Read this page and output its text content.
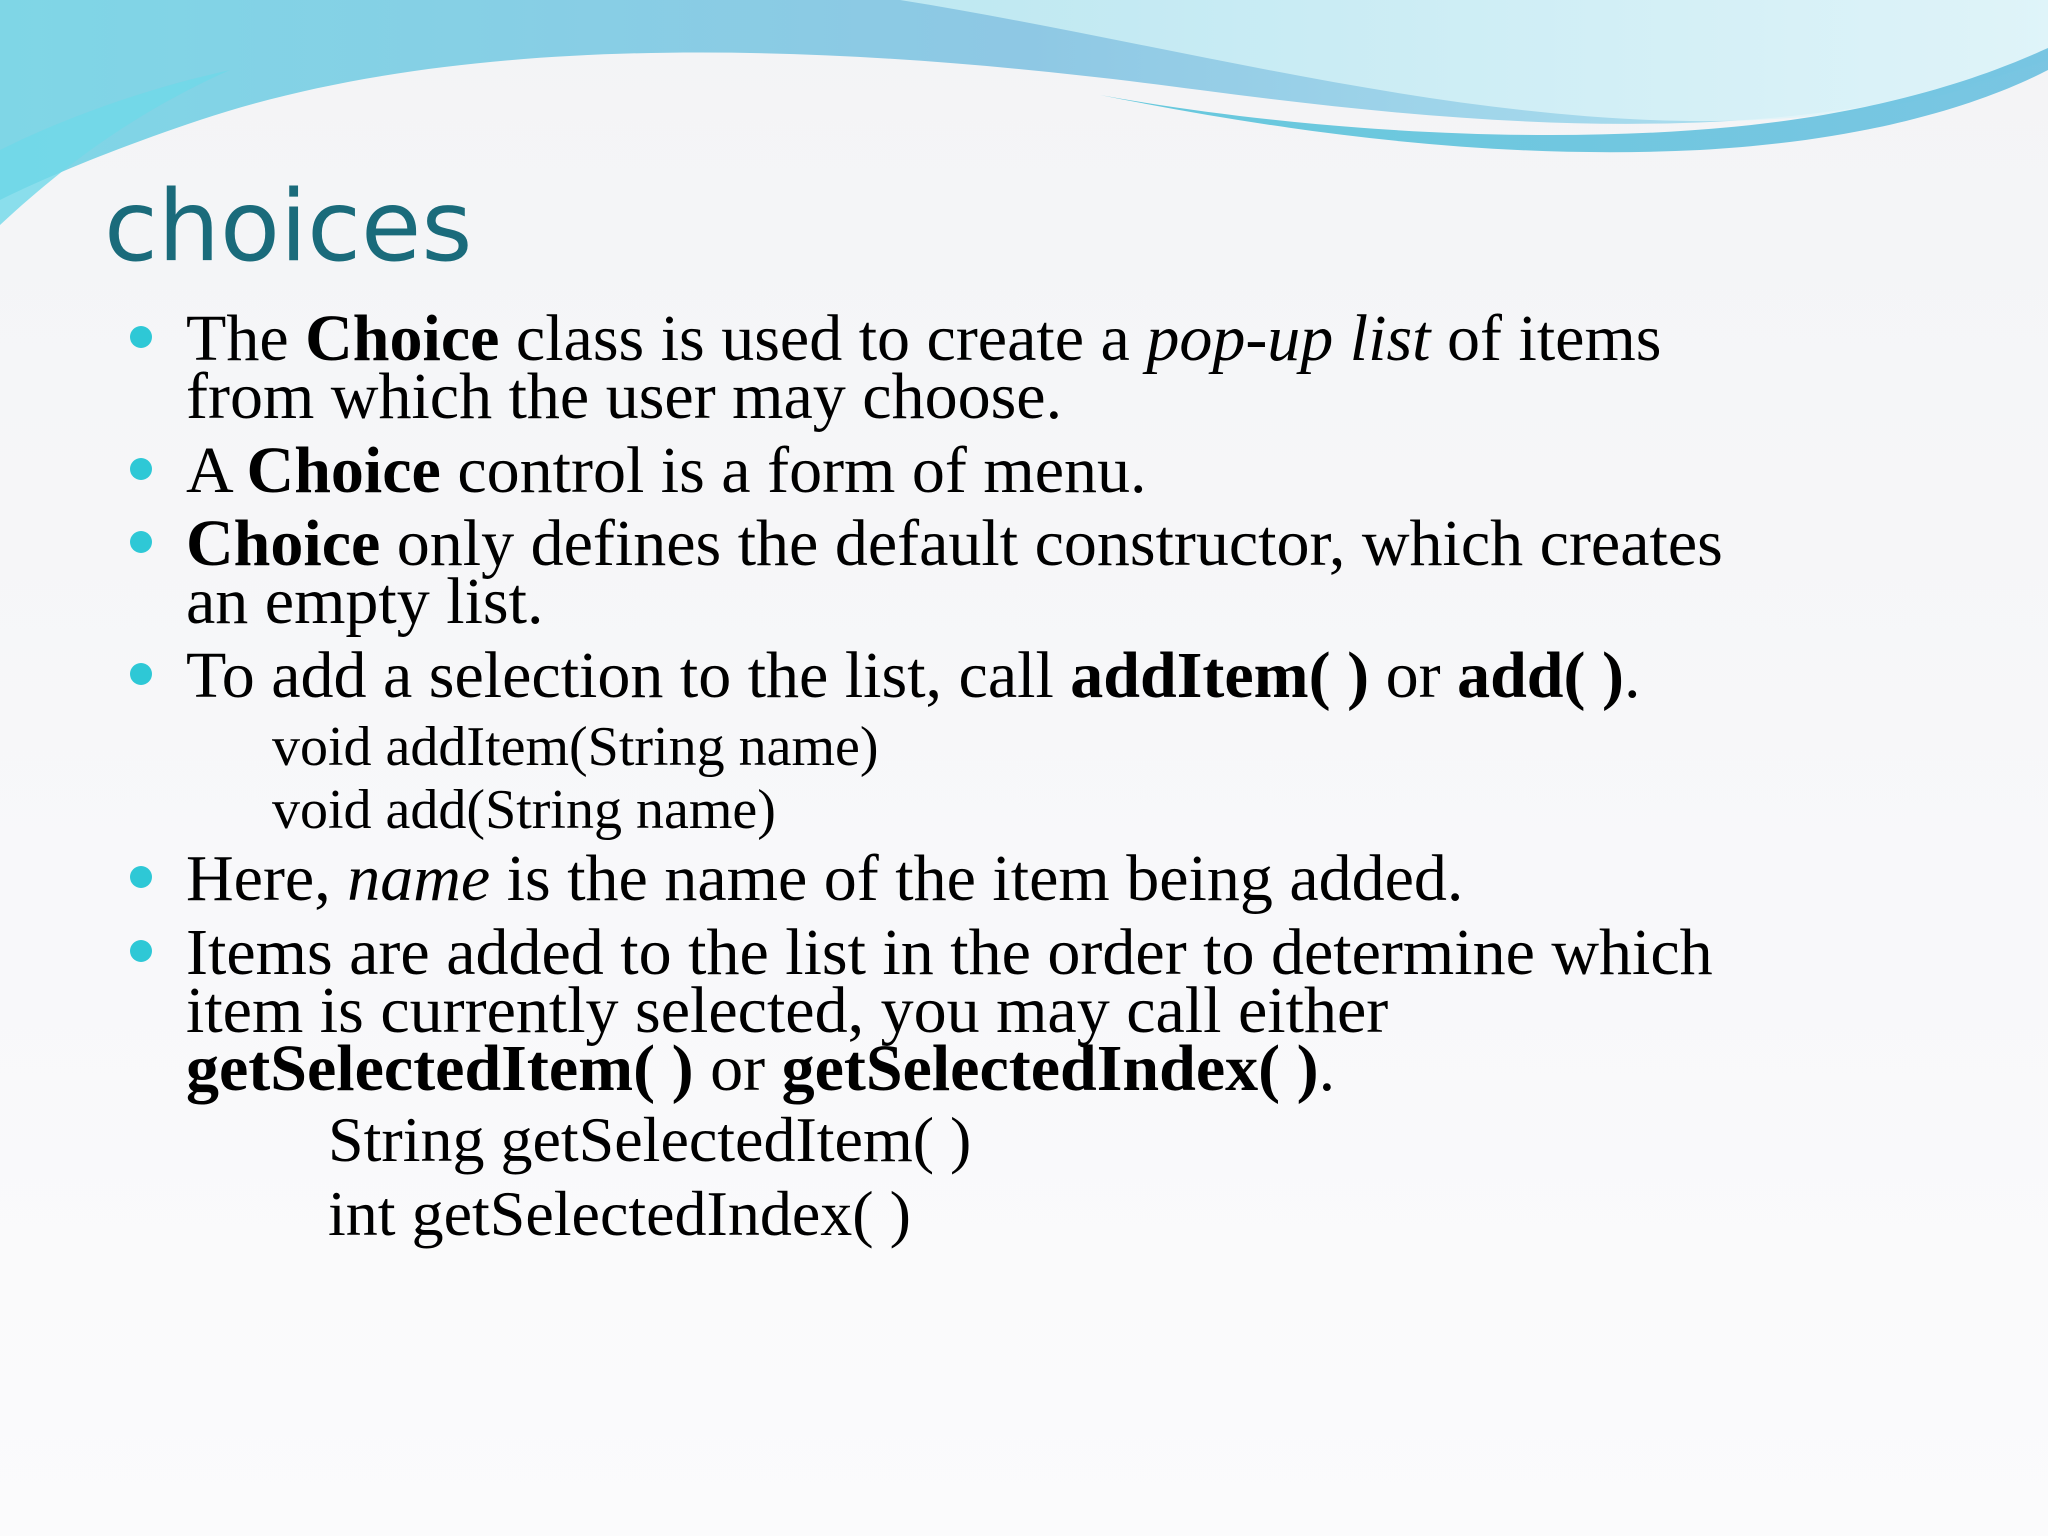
choices
The Choice class is used to create a pop-up list of items
from which the user may choose.
A Choice control is a form of menu.
Choice only defines the default constructor, which creates
an empty list.
To add a selection to the list, call addItem( ) or add( ).
void addItem(String name)
void add(String name)
Here, name is the name of the item being added.
Items are added to the list in the order to determine which
item is currently selected, you may call either
getSelectedItem( ) or getSelectedIndex( ).
String getSelectedItem( )
int getSelectedIndex( )
